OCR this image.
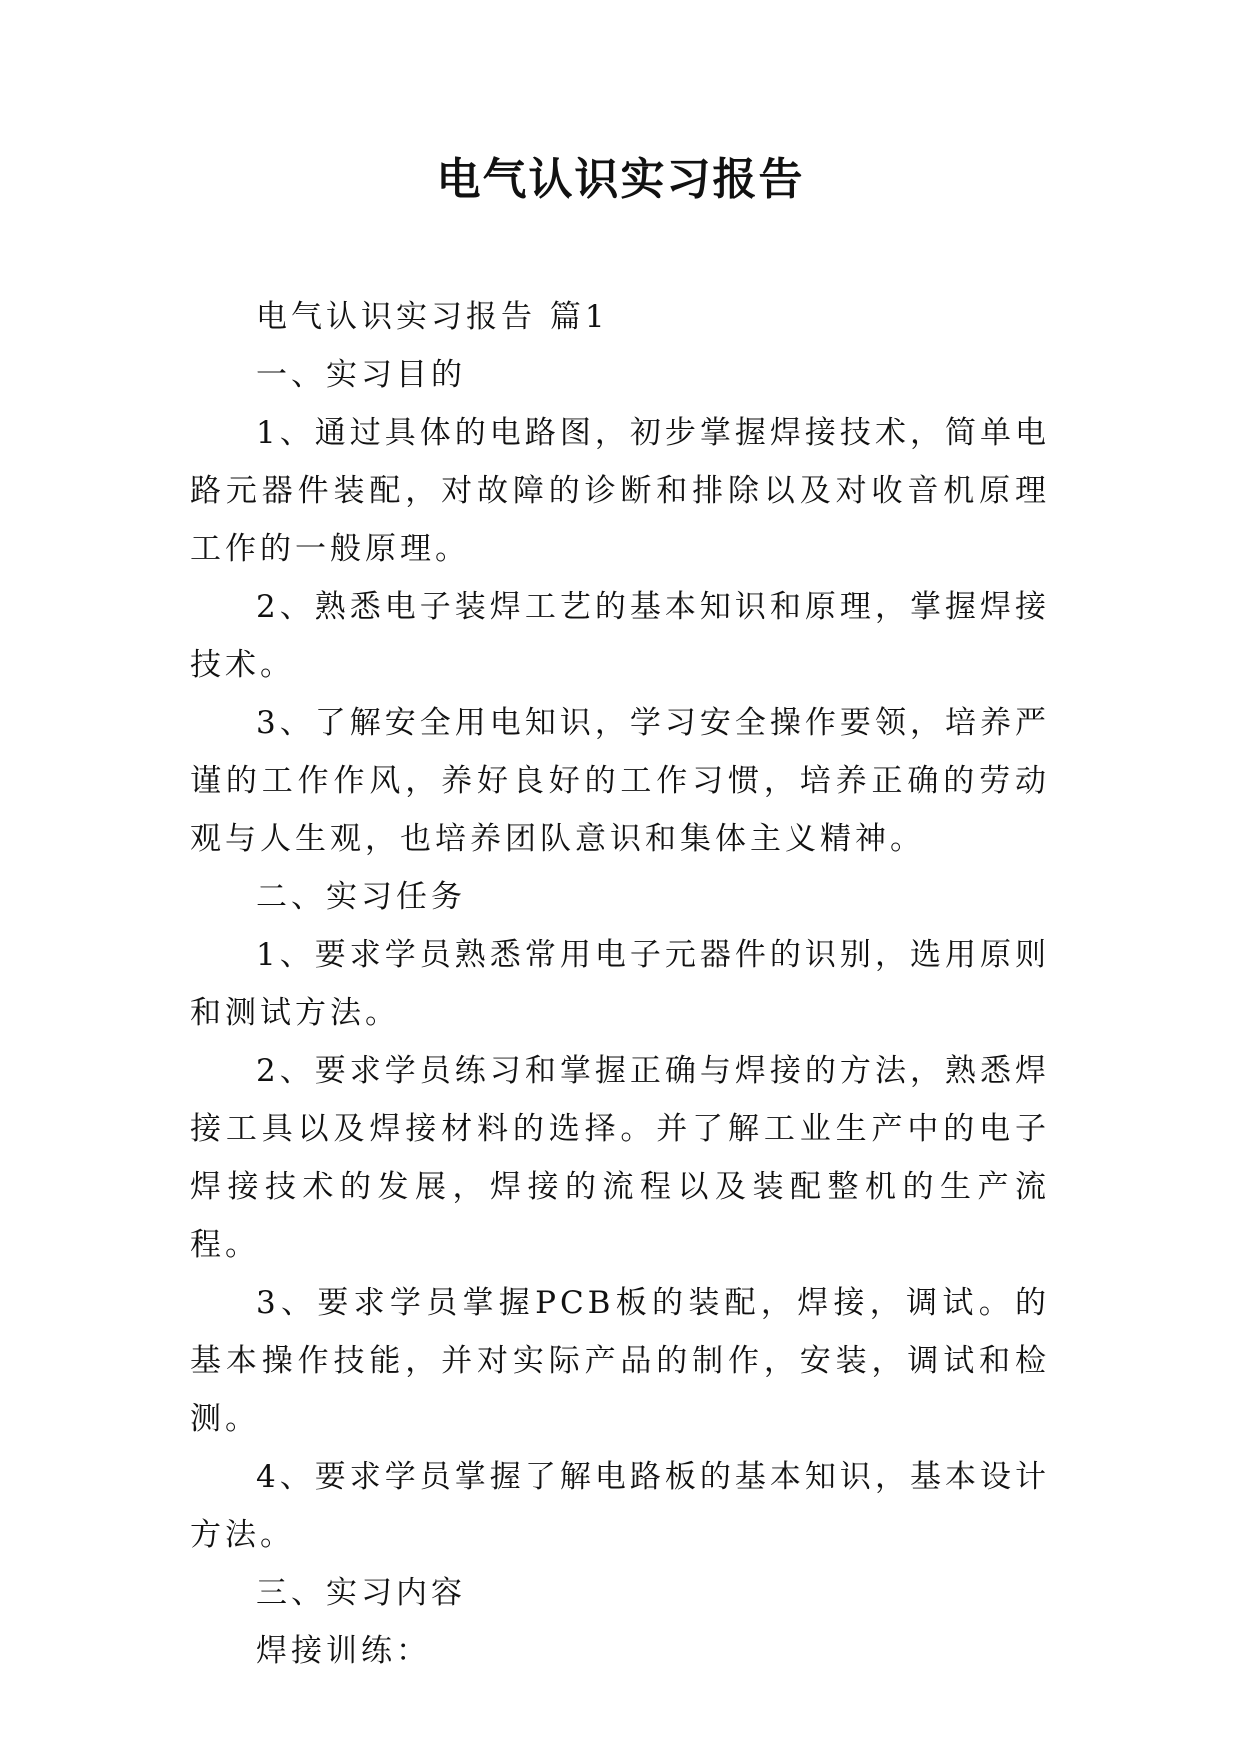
电气认识实习报告

电气认识实习报告 篇1

一、实习目的

1、通过具体的电路图，初步掌握焊接技术，简单电路元器件装配，对故障的诊断和排除以及对收音机原理工作的一般原理。

2、熟悉电子装焊工艺的基本知识和原理，掌握焊接技术。

3、了解安全用电知识，学习安全操作要领，培养严谨的工作作风，养好良好的工作习惯，培养正确的劳动观与人生观，也培养团队意识和集体主义精神。

二、实习任务

1、要求学员熟悉常用电子元器件的识别，选用原则和测试方法。

2、要求学员练习和掌握正确与焊接的方法，熟悉焊接工具以及焊接材料的选择。并了解工业生产中的电子焊接技术的发展，焊接的流程以及装配整机的生产流程。

3、要求学员掌握PCB板的装配，焊接，调试。的基本操作技能，并对实际产品的制作，安装，调试和检测。

4、要求学员掌握了解电路板的基本知识，基本设计方法。

三、实习内容

焊接训练：
